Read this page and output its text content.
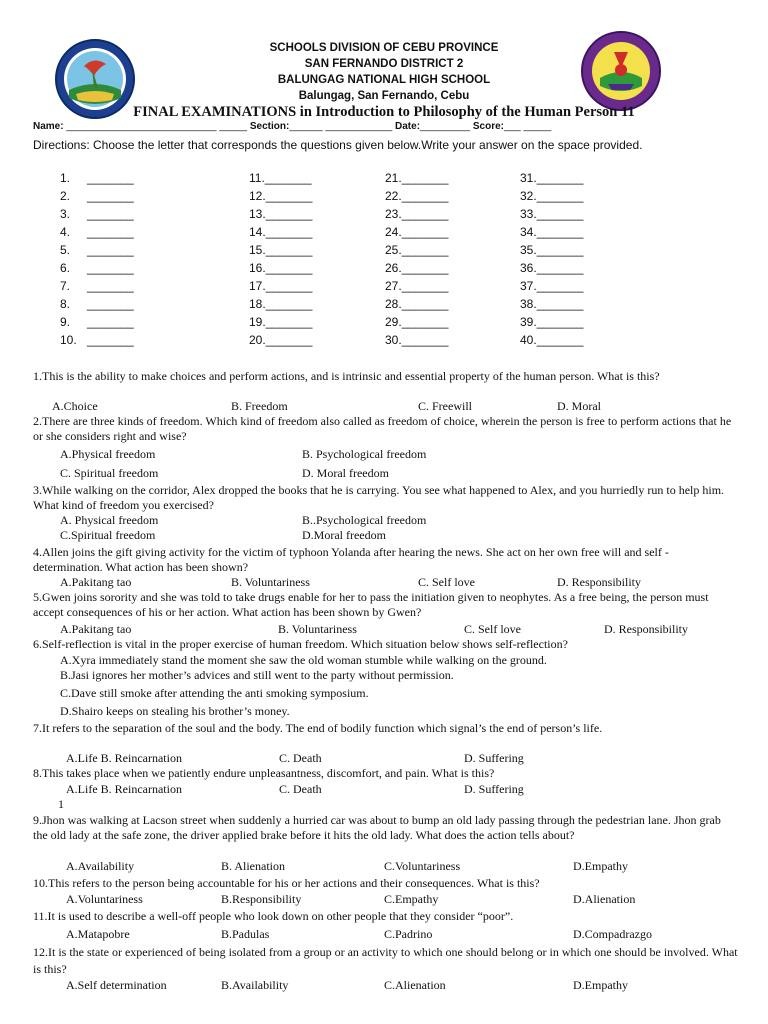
SCHOOLS DIVISION OF CEBU PROVINCE
SAN FERNANDO DISTRICT 2
BALUNGAG NATIONAL HIGH SCHOOL
Balungag, San Fernando, Cebu
FINAL EXAMINATIONS in Introduction to Philosophy of the Human Person 11
Name: ___________________________ _____ Section:______ ____________ Date:_________ Score:___ _____
Directions: Choose the letter that corresponds the questions given below.Write your answer on the space provided.
1. _______
2. _______
3. _______
4. _______
5. _______
6. _______
7. _______
8. _______
9. _______
10. _______
11._______
12._______
13._______
14._______
15._______
16._______
17._______
18._______
19._______
20._______
21._______
22._______
23._______
24._______
25._______
26._______
27._______
28._______
29._______
30._______
31._______
32._______
33._______
34._______
35._______
36._______
37._______
38._______
39._______
40._______
1.This is the ability to make choices and perform actions, and is intrinsic and essential property of the human person. What is this?
A.Choice	B. Freedom	C. Freewill	D. Moral
2.There are three kinds of freedom. Which kind of freedom also called as freedom of choice, wherein the person is free to perform actions that he or she considers right and wise?
A.Physical freedom	B. Psychological freedom
C. Spiritual freedom	D. Moral freedom
3.While walking on the corridor, Alex dropped the books that he is carrying. You see what happened to Alex, and you hurriedly run to help him. What kind of freedom you exercised?
A. Physical freedom	B..Psychological freedom
C.Spiritual freedom	D.Moral freedom
4.Allen joins the gift giving activity for the victim of typhoon Yolanda after hearing the news. She act on her own free will and self -determination. What action has been shown?
A.Pakitang tao	B. Voluntariness	C. Self love	D. Responsibility
5.Gwen joins sorority and she was told to take drugs enable for her to pass the initiation given to neophytes. As a free being, the person must accept consequences of his or her action. What action has been shown by Gwen?
A.Pakitang tao	B. Voluntariness	C. Self love	D. Responsibility
6.Self-reflection is vital in the proper exercise of human freedom. Which situation below shows self-reflection?
A.Xyra immediately stand the moment she saw the old woman stumble while walking on the ground.
B.Jasi ignores her mother’s advices and still went to the party without permission.
C.Dave still smoke after attending the anti smoking symposium.
D.Shairo keeps on stealing his brother’s money.
7.It refers to the separation of the soul and the body. The end of bodily function which signal’s the end of person’s life.
A.Life B. Reincarnation	C. Death	D. Suffering
8.This takes place when we patiently endure unpleasantness, discomfort, and pain. What is this?
A.Life B. Reincarnation	C. Death	D. Suffering
1
9.Jhon was walking at Lacson street when suddenly a hurried car was about to bump an old lady passing through the pedestrian lane. Jhon grab the old lady at the safe zone, the driver applied brake before it hits the old lady. What does the action tells about?
A.Availability	B. Alienation	C.Voluntariness	D.Empathy
10.This refers to the person being accountable for his or her actions and their consequences. What is this?
A.Voluntariness	B.Responsibility	C.Empathy	D.Alienation
11.It is used to describe a well-off people who look down on other people that they consider “poor”.
A.Matapobre	B.Padulas	C.Padrino	D.Compadrazgo
12.It is the state or experienced of being isolated from a group or an activity to which one should belong or in which one should be involved. What is this?
A.Self determination	B.Availability	C.Alienation	D.Empathy
